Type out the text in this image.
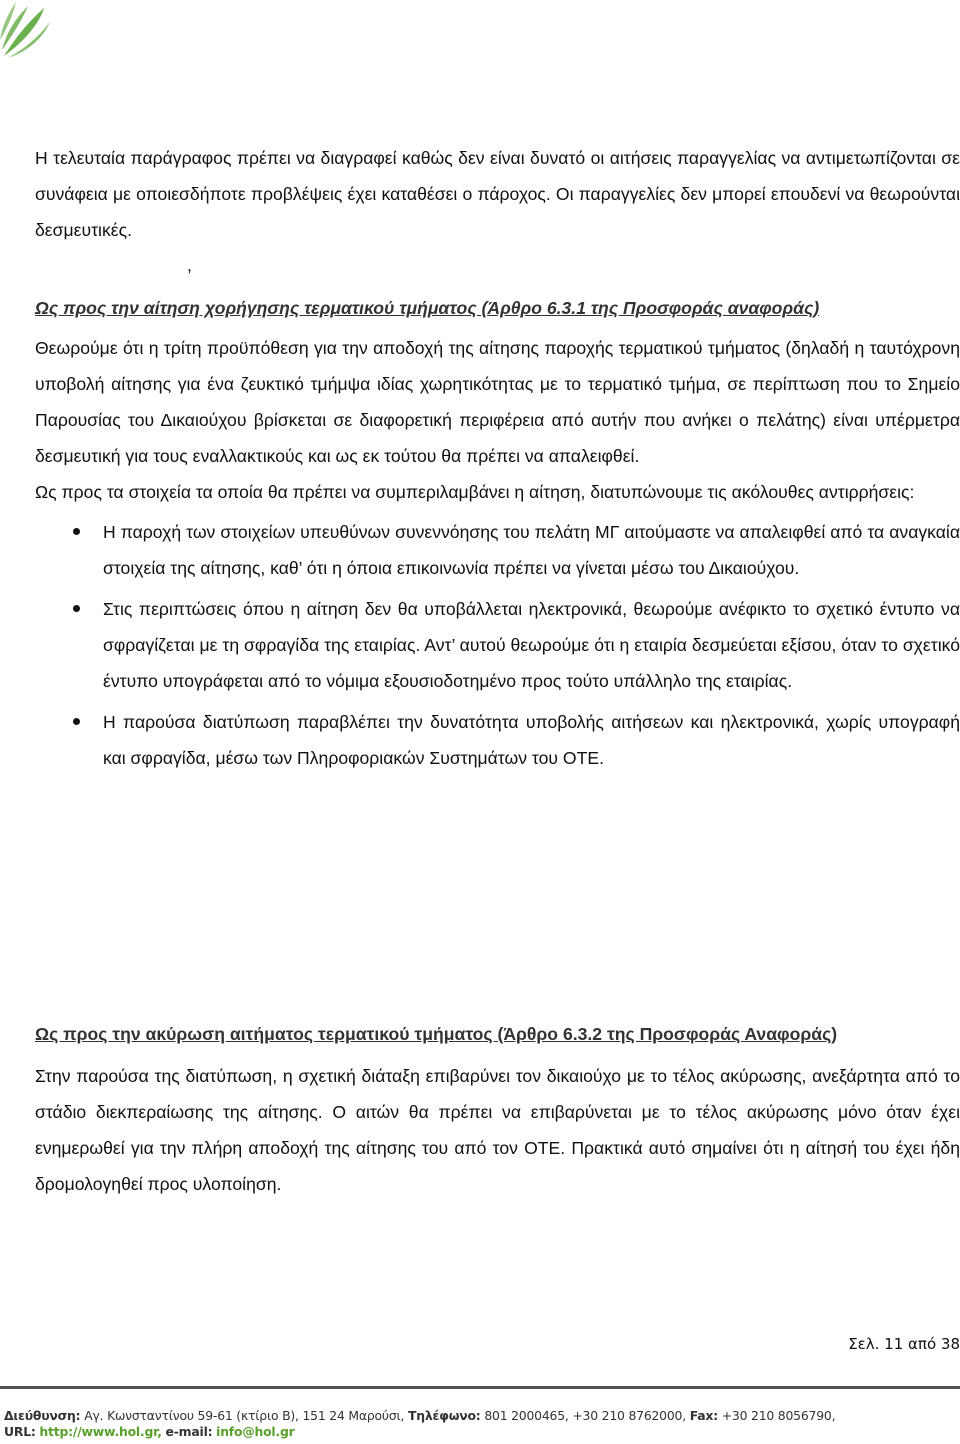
Η τελευταία παράγραφος πρέπει να διαγραφεί καθώς δεν είναι δυνατό οι αιτήσεις παραγγελίας να αντιμετωπίζονται σε συνάφεια με οποιεσδήποτε προβλέψεις έχει καταθέσει ο πάροχος. Οι παραγγελίες δεν μπορεί επουδενί να θεωρούνται δεσμευτικές.

,

Ως προς την αίτηση χορήγησης τερματικού τμήματος (Άρθρο 6.3.1 της Προσφοράς αναφοράς)

Θεωρούμε ότι η τρίτη προϋπόθεση για την αποδοχή της αίτησης παροχής τερματικού τμήματος (δηλαδή η ταυτόχρονη υποβολή αίτησης για ένα ζευκτικό τμήμψα ιδίας χωρητικότητας με το τερματικό τμήμα, σε περίπτωση που το Σημείο Παρουσίας του Δικαιούχου βρίσκεται σε διαφορετική περιφέρεια από αυτήν που ανήκει ο πελάτης) είναι υπέρμετρα δεσμευτική για τους εναλλακτικούς και ως εκ τούτου θα πρέπει να απαλειφθεί.

Ως προς τα στοιχεία τα οποία θα πρέπει να συμπεριλαμβάνει η αίτηση, διατυπώνουμε τις ακόλουθες αντιρρήσεις:

Η παροχή των στοιχείων υπευθύνων συνεννόησης του πελάτη ΜΓ αιτούμαστε να απαλειφθεί από τα αναγκαία στοιχεία της αίτησης, καθ’ ότι η όποια επικοινωνία πρέπει να γίνεται μέσω του Δικαιούχου.

Στις περιπτώσεις όπου η αίτηση δεν θα υποβάλλεται ηλεκτρονικά, θεωρούμε ανέφικτο το σχετικό έντυπο να σφραγίζεται με τη σφραγίδα της εταιρίας. Αντ’ αυτού θεωρούμε ότι η εταιρία δεσμεύεται εξίσου, όταν το σχετικό έντυπο υπογράφεται από το νόμιμα εξουσιοδοτημένο προς τούτο υπάλληλο της εταιρίας.

Η παρούσα διατύπωση παραβλέπει την δυνατότητα υποβολής αιτήσεων και ηλεκτρονικά, χωρίς υπογραφή και σφραγίδα, μέσω των Πληροφοριακών Συστημάτων του ΟΤΕ.

Ως προς την ακύρωση αιτήματος τερματικού τμήματος (Άρθρο 6.3.2 της Προσφοράς Αναφοράς)

Στην παρούσα της διατύπωση, η σχετική διάταξη επιβαρύνει τον δικαιούχο με το τέλος ακύρωσης, ανεξάρτητα από το στάδιο διεκπεραίωσης της αίτησης. Ο αιτών θα πρέπει να επιβαρύνεται με το τέλος ακύρωσης μόνο όταν έχει ενημερωθεί για την πλήρη αποδοχή της αίτησης του από τον ΟΤΕ. Πρακτικά αυτό σημαίνει ότι η αίτησή του έχει ήδη δρομολογηθεί προς υλοποίηση.

Σελ. 11 από 38
Διεύθυνση: Αγ. Κωνσταντίνου 59-61 (κτίριο Β), 151 24 Μαρούσι, Τηλέφωνο: 801 2000465, +30 210 8762000, Fax: +30 210 8056790,
URL: http://www.hol.gr, e-mail: info@hol.gr
